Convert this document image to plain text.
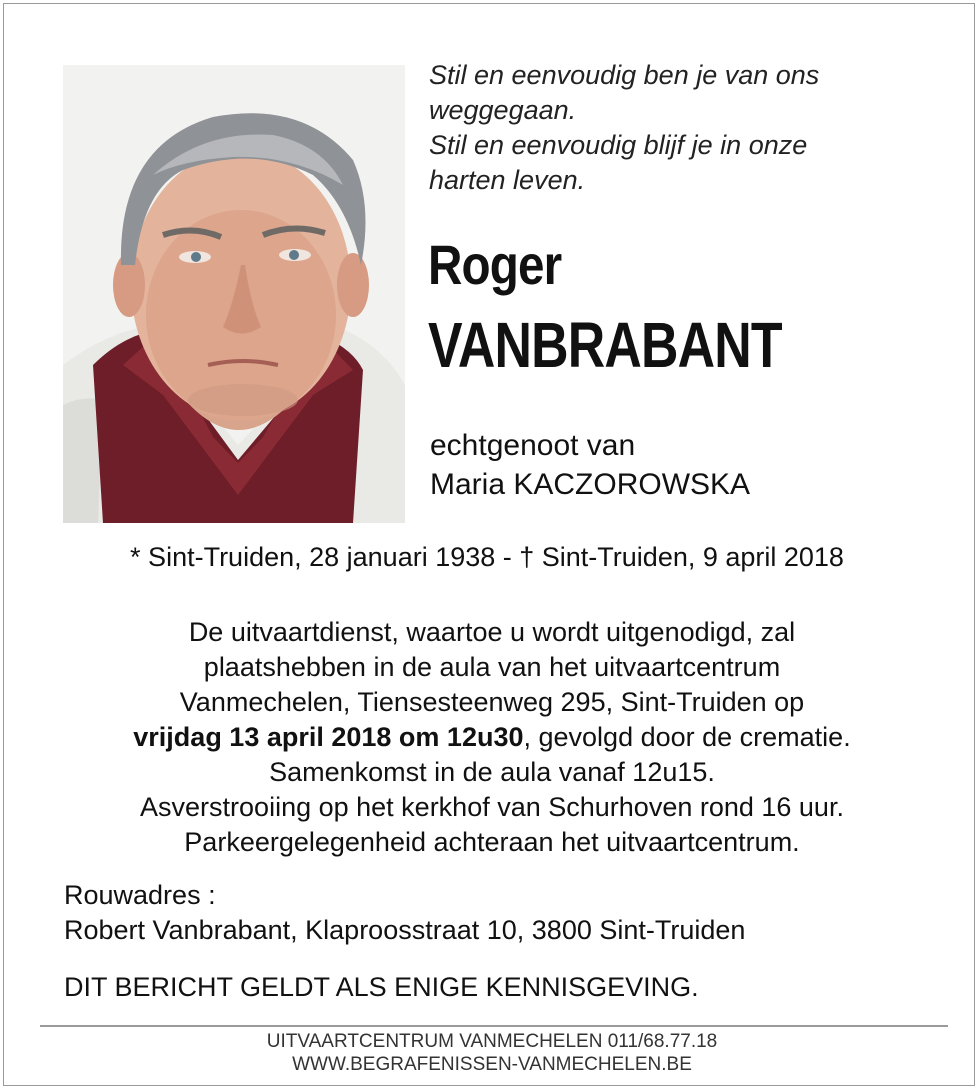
Stil en eenvoudig ben je van ons
weggegaan.
Stil en eenvoudig blijf je in onze
harten leven.
Roger
VANBRABANT
echtgenoot van
Maria KACZOROWSKA
* Sint-Truiden, 28 januari 1938 - † Sint-Truiden, 9 april 2018
De uitvaartdienst, waartoe u wordt uitgenodigd, zal
plaatshebben in de aula van het uitvaartcentrum
Vanmechelen, Tiensesteenweg 295, Sint-Truiden op
vrijdag 13 april 2018 om 12u30, gevolgd door de crematie.
Samenkomst in de aula vanaf 12u15.
Asverstrooiing op het kerkhof van Schurhoven rond 16 uur.
Parkeergelegenheid achteraan het uitvaartcentrum.
Rouwadres :
Robert Vanbrabant, Klaproosstraat 10, 3800 Sint-Truiden
DIT BERICHT GELDT ALS ENIGE KENNISGEVING.
UITVAARTCENTRUM VANMECHELEN 011/68.77.18
WWW.BEGRAFENISSEN-VANMECHELEN.BE
